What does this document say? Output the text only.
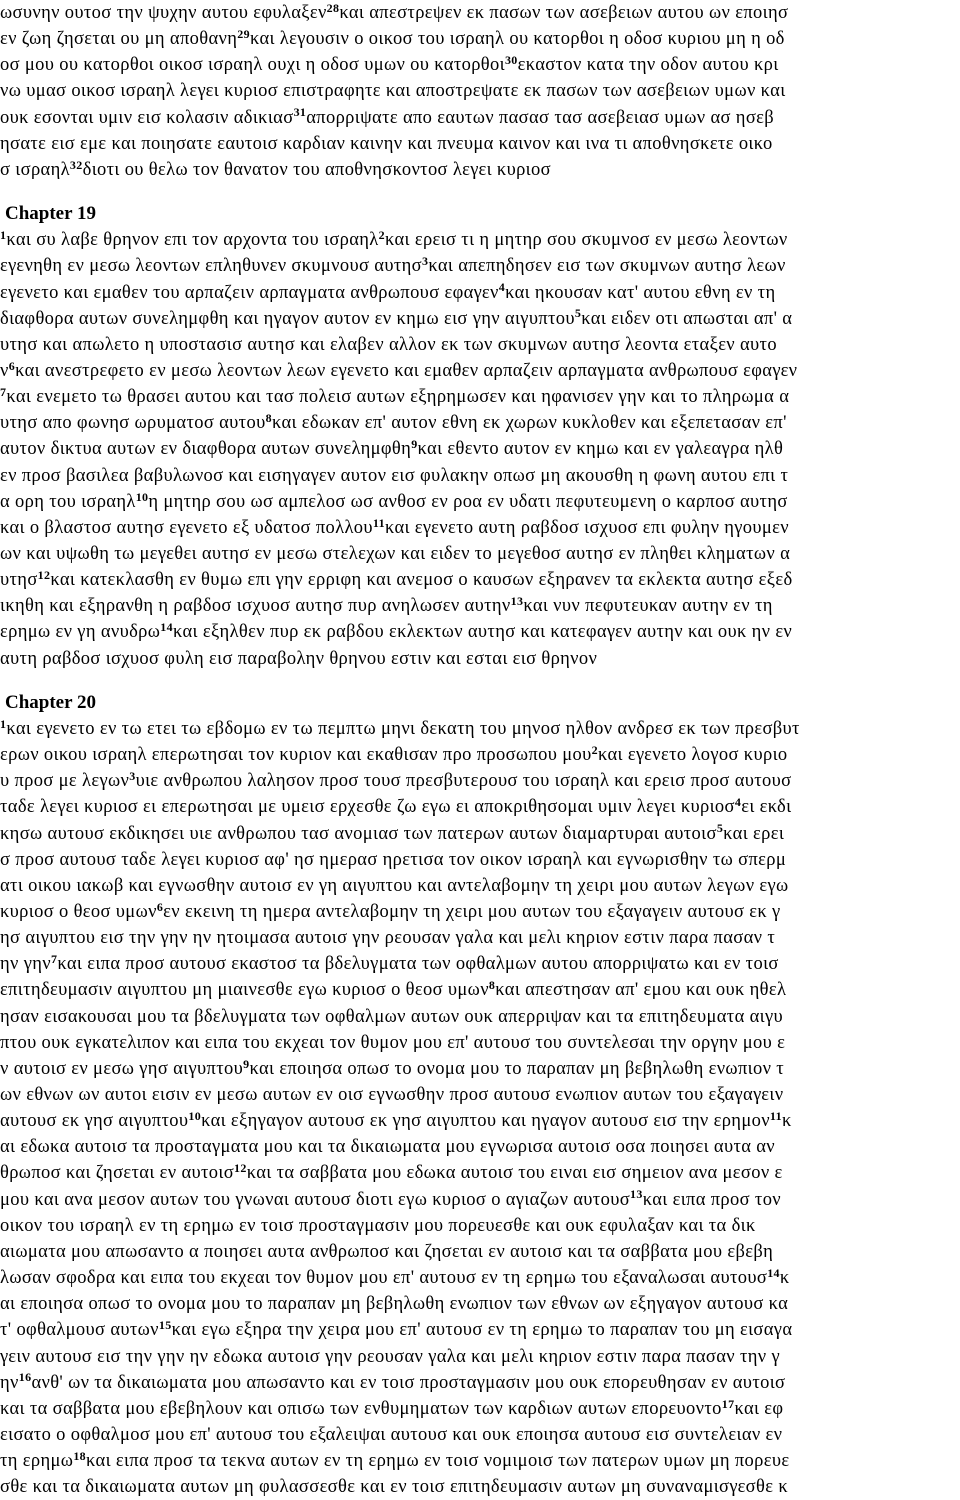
ωσυνην ουτοσ την ψυχην αυτου εφυλαξεν$^{28}$και απεστρεψεν εκ πασων των ασεβειων αυτου ων εποιησ
εν ζωη ζησεται ου μη αποθανη$^{29}$και λεγουσιν ο οικοσ του ισραηλ ου κατορθοι η οδοσ κυριου μη η οδ
οσ μου ου κατορθοι οικοσ ισραηλ ουχι η οδοσ υμων ου κατορθοι$^{30}$εκαστον κατα την οδον αυτου κρι
νω υμασ οικοσ ισραηλ λεγει κυριοσ επιστραφητε και αποστρεψατε εκ πασων των ασεβειων υμων και
ουκ εσονται υμιν εισ κολασιν αδικιασ$^{31}$απορριψατε απο εαυτων πασασ τασ ασεβειασ υμων ασ ησεβ
ησατε εισ εμε και ποιησατε εαυτοισ καρδιαν καινην και πνευμα καινον και ινα τι αποθνησκετε οικο
σ ισραηλ$^{32}$διοτι ου θελω τον θανατον του αποθνησκοντοσ λεγει κυριοσ
Chapter 19
$^1$και συ λαβε θρηνον επι τον αρχοντα του ισραηλ$^2$και ερεισ τι η μητηρ σου σκυμνοσ εν μεσω λεοντων
εγενηθη εν μεσω λεοντων επληθυνεν σκυμνουσ αυτησ$^3$και απεπηδησεν εισ των σκυμνων αυτησ λεων
εγενετο και εμαθεν του αρπαζειν αρπαγματα ανθρωπουσ εφαγεν$^4$και ηκουσαν κατ' αυτου εθνη εν τη
διαφθορα αυτων συνελημφθη και ηγαγον αυτον εν κημω εισ γην αιγυπτου$^5$και ειδεν οτι απωσται απ' α
υτησ και απωλετο η υποστασισ αυτησ και ελαβεν αλλον εκ των σκυμνων αυτησ λεοντα εταξεν αυτο
$\nu^6\kappa\alpha\iota$ ανεστρεφετο εν μεσω λεοντων λεων εγενετο και εμαθεν αρπαζειν αρπαγματα ανθρωπουσ εφαγεν
$^7$και ενεμετο τω θρασει αυτου και τασ πολεισ αυτων εξηρημωσεν και ηφανισεν γην και το πληρωμα α
υτησ απο φωνησ ωρυματοσ αυτου$^8$και εδωκαν επ' αυτον εθνη εκ χωρων κυκλοθεν και εξεπετασαν επ'
αυτον δικτυα αυτων εν διαφθορα αυτων συνελημφθη$^9$και εθεντο αυτον εν κημω και εν γαλεαγρα ηλθ
εν προσ βασιλεα βαβυλωνοσ και εισηγαγεν αυτον εισ φυλακην οπωσ μη ακουσθη η φωνη αυτου επι τ
α ορη του ισραηλ$^{10}$η μητηρ σου ωσ αμπελοσ ωσ ανθοσ εν ροα εν υδατι πεφυτευμενη ο καρποσ αυτησ
και ο βλαστοσ αυτησ εγενετο εξ υδατοσ πολλου$^{11}$και εγενετο αυτη ραβδοσ ισχυοσ επι φυλην ηγουμεν
ων και υψωθη τω μεγεθει αυτησ εν μεσω στελεχων και ειδεν το μεγεθοσ αυτησ εν πληθει κληματων α
υτησ$^{12}$και κατεκλασθη εν θυμω επι γην ερριφη και ανεμοσ ο καυσων εξηρανεν τα εκλεκτα αυτησ εξεδ
ικηθη και εξηρανθη η ραβδοσ ισχυοσ αυτησ πυρ ανηλωσεν αυτην$^{13}$και νυν πεφυτευκαν αυτην εν τη
ερημω εν γη ανυδρω$^{14}$και εξηλθεν πυρ εκ ραβδου εκλεκτων αυτησ και κατεφαγεν αυτην και ουκ ην εν
αυτη ραβδοσ ισχυοσ φυλη εισ παραβολην θρηνου εστιν και εσται εισ θρηνον
Chapter 20
$^1$και εγενετο εν τω ετει τω εβδομω εν τω πεμπτω μηνι δεκατη του μηνοσ ηλθον ανδρεσ εκ των πρεσβυτ
ερων οικου ισραηλ επερωτησαι τον κυριον και εκαθισαν προ προσωπου μου$^2$και εγενετο λογοσ κυριο
υ προσ με λεγων$^3$υιε ανθρωπου λαλησον προσ τουσ πρεσβυτερουσ του ισραηλ και ερεισ προσ αυτουσ
ταδε λεγει κυριοσ ει επερωτησαι με υμεισ ερχεσθε ζω εγω ει αποκριθησομαι υμιν λεγει κυριοσ$^4$ει εκδι
κησω αυτουσ εκδικησει υιε ανθρωπου τασ ανομιασ των πατερων αυτων διαμαρτυραι αυτοισ$^5$και ερει
σ προσ αυτουσ ταδε λεγει κυριοσ αφ' ησ ημερασ ηρετισα τον οικον ισραηλ και εγνωρισθην τω σπερμ
ατι οικου ιακωβ και εγνωσθην αυτοισ εν γη αιγυπτου και αντελαβομην τη χειρι μου αυτων λεγων εγω
κυριοσ ο θεοσ υμων$^6$εν εκεινη τη ημερα αντελαβομην τη χειρι μου αυτων του εξαγαγειν αυτουσ εκ γ
ησ αιγυπτου εισ την γην ην ητοιμασα αυτοισ γην ρεουσαν γαλα και μελι κηριον εστιν παρα πασαν τ
ην γην$^7$και ειπα προσ αυτουσ εκαστοσ τα βδελυγματα των οφθαλμων αυτου απορριψατω και εν τοισ
επιτηδευμασιν αιγυπτου μη μιαινεσθε εγω κυριοσ ο θεοσ υμων$^8$και απεστησαν απ' εμου και ουκ ηθελ
ησαν εισακουσαι μου τα βδελυγματα των οφθαλμων αυτων ουκ απερριψαν και τα επιτηδευματα αιγυ
πτου ουκ εγκατελιπον και ειπα του εκχεαι τον θυμον μου επ' αυτουσ του συντελεσαι την οργην μου ε
ν αυτοισ εν μεσω γησ αιγυπτου$^9$και εποιησα οπωσ το ονομα μου το παραπαν μη βεβηλωθη ενωπιον τ
ων εθνων ων αυτοι εισιν εν μεσω αυτων εν οισ εγνωσθην προσ αυτουσ ενωπιον αυτων του εξαγαγειν
αυτουσ εκ γησ αιγυπτου$^{10}$και εξηγαγον αυτουσ εκ γησ αιγυπτου και ηγαγον αυτουσ εισ την ερημον$^{11}$κ
αι εδωκα αυτοισ τα προσταγματα μου και τα δικαιωματα μου εγνωρισα αυτοισ οσα ποιησει αυτα αν
θρωποσ και ζησεται εν αυτοισ$^{12}$και τα σαββατα μου εδωκα αυτοισ του ειναι εισ σημειον ανα μεσον ε
μου και ανα μεσον αυτων του γνωναι αυτουσ διοτι εγω κυριοσ ο αγιαζων αυτουσ$^{13}$και ειπα προσ τον
οικον του ισραηλ εν τη ερημω εν τοισ προσταγμασιν μου πορευεσθε και ουκ εφυλαξαν και τα δικ
αιωματα μου απωσαντο α ποιησει αυτα ανθρωποσ και ζησεται εν αυτοισ και τα σαββατα μου εβεβη
λωσαν σφοδρα και ειπα του εκχεαι τον θυμον μου επ' αυτουσ εν τη ερημω του εξαναλωσαι αυτουσ$^{14}$κ
αι εποιησα οπωσ το ονομα μου το παραπαν μη βεβηλωθη ενωπιον των εθνων ων εξηγαγον αυτουσ κα
τ' οφθαλμουσ αυτων$^{15}$και εγω εξηρα την χειρα μου επ' αυτουσ εν τη ερημω το παραπαν του μη εισαγα
γειν αυτουσ εισ την γην ην εδωκα αυτοισ γην ρεουσαν γαλα και μελι κηριον εστιν παρα πασαν την γ
$\eta\nu^{16}\alpha\nu\theta'$ ων τα δικαιωματα μου απωσαντο και εν τοισ προσταγμασιν μου ουκ επορευθησαν εν αυτοισ
και τα σαββατα μου εβεβηλουν και οπισω των ενθυμηματων των καρδιων αυτων επορευοντο$^{17}$και εφ
εισατο ο οφθαλμοσ μου επ' αυτουσ του εξαλειψαι αυτουσ και ουκ εποιησα αυτουσ εισ συντελειαν εν
τη ερημω$^{18}$και ειπα προσ τα τεκνα αυτων εν τη ερημω εν τοισ νομιμοισ των πατερων υμων μη πορευε
σθε και τα δικαιωματα αυτων μη φυλασσεσθε και εν τοισ επιτηδευμασιν αυτων μη συναναμισγεσθε κ
